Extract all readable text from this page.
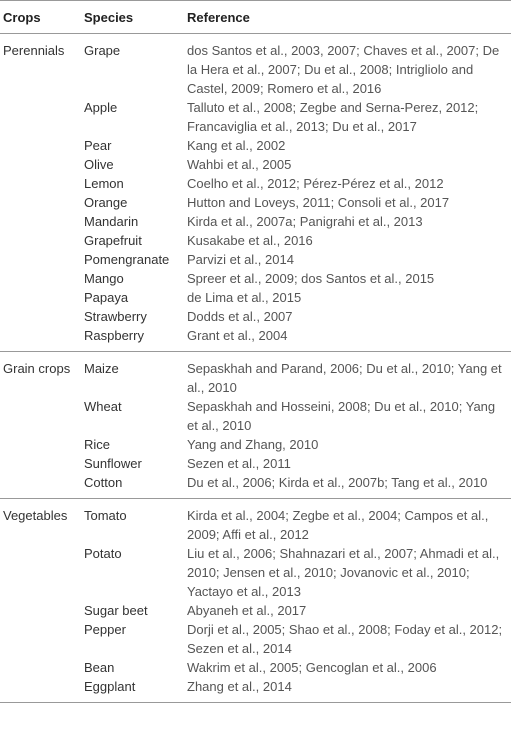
Crops	Species	Reference
Perennials	Grape	dos Santos et al., 2003, 2007; Chaves et al., 2007; De la Hera et al., 2007; Du et al., 2008; Intrigliolo and Castel, 2009; Romero et al., 2016
	Apple	Talluto et al., 2008; Zegbe and Serna-Perez, 2012; Francaviglia et al., 2013; Du et al., 2017
	Pear	Kang et al., 2002
	Olive	Wahbi et al., 2005
	Lemon	Coelho et al., 2012; Pérez-Pérez et al., 2012
	Orange	Hutton and Loveys, 2011; Consoli et al., 2017
	Mandarin	Kirda et al., 2007a; Panigrahi et al., 2013
	Grapefruit	Kusakabe et al., 2016
	Pomengranate	Parvizi et al., 2014
	Mango	Spreer et al., 2009; dos Santos et al., 2015
	Papaya	de Lima et al., 2015
	Strawberry	Dodds et al., 2007
	Raspberry	Grant et al., 2004
Grain crops	Maize	Sepaskhah and Parand, 2006; Du et al., 2010; Yang et al., 2010
	Wheat	Sepaskhah and Hosseini, 2008; Du et al., 2010; Yang et al., 2010
	Rice	Yang and Zhang, 2010
	Sunflower	Sezen et al., 2011
	Cotton	Du et al., 2006; Kirda et al., 2007b; Tang et al., 2010
Vegetables	Tomato	Kirda et al., 2004; Zegbe et al., 2004; Campos et al., 2009; Affi et al., 2012
	Potato	Liu et al., 2006; Shahnazari et al., 2007; Ahmadi et al., 2010; Jensen et al., 2010; Jovanovic et al., 2010; Yactayo et al., 2013
	Sugar beet	Abyaneh et al., 2017
	Pepper	Dorji et al., 2005; Shao et al., 2008; Foday et al., 2012; Sezen et al., 2014
	Bean	Wakrim et al., 2005; Gencoglan et al., 2006
	Eggplant	Zhang et al., 2014
